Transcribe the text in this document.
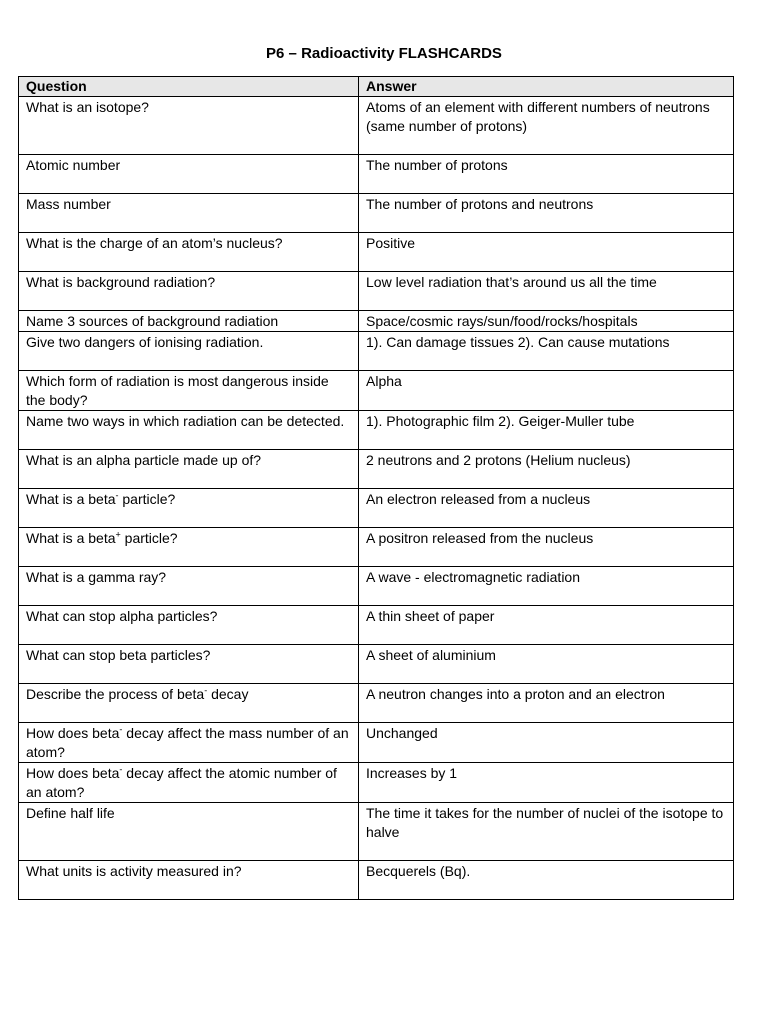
P6 – Radioactivity FLASHCARDS
Question	Answer
What is an isotope?	Atoms of an element with different numbers of neutrons (same number of protons)
Atomic number	The number of protons
Mass number	The number of protons and neutrons
What is the charge of an atom’s nucleus?	Positive
What is background radiation?	Low level radiation that’s around us all the time
Name 3 sources of background radiation	Space/cosmic rays/sun/food/rocks/hospitals
Give two dangers of ionising radiation.	1). Can damage tissues 2). Can cause mutations
Which form of radiation is most dangerous inside the body?	Alpha
Name two ways in which radiation can be detected.	1). Photographic film 2). Geiger-Muller tube
What is an alpha particle made up of?	2 neutrons and 2 protons (Helium nucleus)
What is a beta- particle?	An electron released from a nucleus
What is a beta+ particle?	A positron released from the nucleus
What is a gamma ray?	A wave - electromagnetic radiation
What can stop alpha particles?	A thin sheet of paper
What can stop beta particles?	A sheet of aluminium
Describe the process of beta- decay	A neutron changes into a proton and an electron
How does beta- decay affect the mass number of an atom?	Unchanged
How does beta- decay affect the atomic number of an atom?	Increases by 1
Define half life	The time it takes for the number of nuclei of the isotope to halve
What units is activity measured in?	Becquerels (Bq).
